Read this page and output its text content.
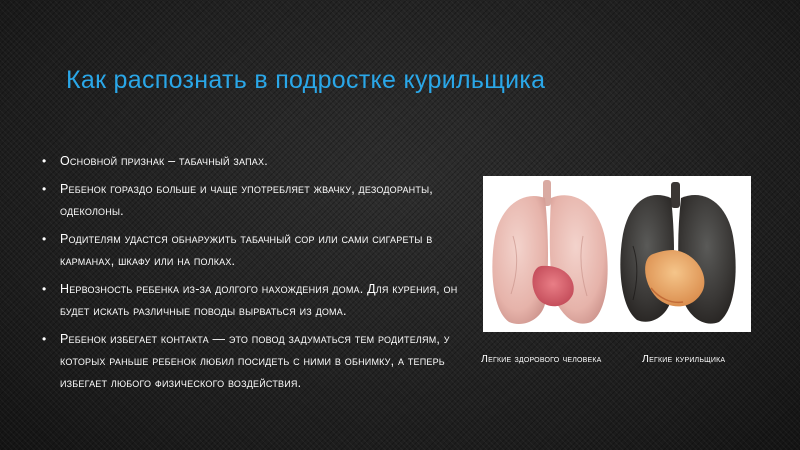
Как распознать в подростке курильщика
• Основной признак – табачный запах.
• Ребенок гораздо больше и чаще употребляет жвачку, дезодоранты, одеколоны.
• Родителям удастся обнаружить табачный сор или сами сигареты в карманах, шкафу или на полках.
• Нервозность ребенка из-за долгого нахождения дома. Для курения, он будет искать различные поводы вырваться из дома.
• Ребенок избегает контакта — это повод задуматься тем родителям, у которых раньше ребенок любил посидеть с ними в обнимку, а теперь избегает любого физического воздействия.
Легкие здорового человека	Легкие курильщика
